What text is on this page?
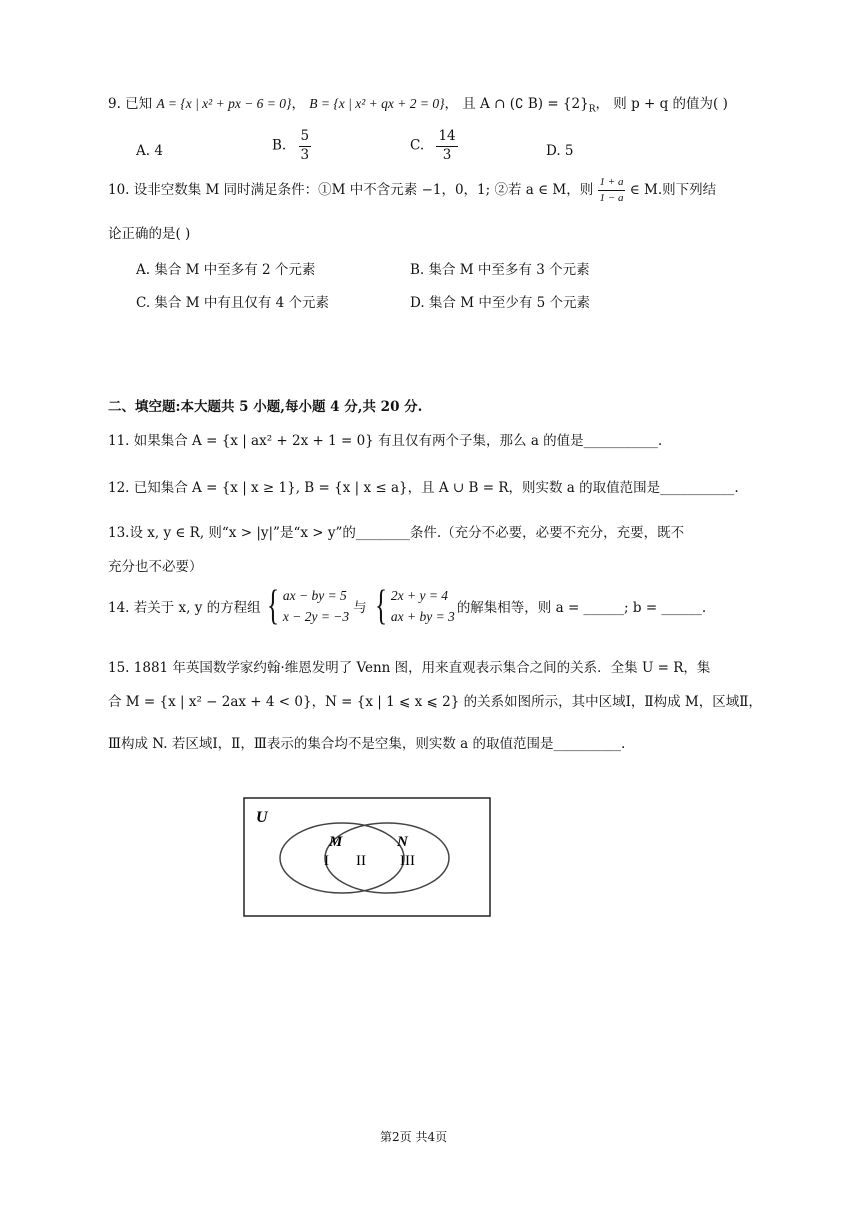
9. 已知 A = {x | x² + px − 6 = 0}， B = {x | x² + qx + 2 = 0}， 且 A ∩ (∁ $B) = \{2\}_R$， 则 p + q 的值为( )
A. 4	B. $\frac{5}{3}$	C. $\frac{14}{3}$	D. 5
10. 设非空数集 M 同时满足条件：①M 中不含元素 −1，0，1; ②若 a ∈ M，则 $\frac{1 + a}{1 - a}$ ∈ M.则下列结
论正确的是( )
A. 集合 M 中至多有 2 个元素	B. 集合 M 中至多有 3 个元素
C. 集合 M 中有且仅有 4 个元素	D. 集合 M 中至少有 5 个元素
二、填空题:本大题共 5 小题,每小题 4 分,共 20 分.
11. 如果集合 A = {x | ax² + 2x + 1 = 0} 有且仅有两个子集，那么 a 的值是___________.
12. 已知集合 A = {x | x ≥ 1}, B = {x | x ≤ a}，且 A ∪ B = R，则实数 a 的取值范围是___________.
13.设 x, y ∈ R, 则“x > |y|”是“x > y”的________条件.（充分不必要，必要不充分，充要，既不
充分也不必要）
14. 若关于 x, y 的方程组 { ax − by = 5
x − 2y = −3
与 { 2x + y = 4
ax + by = 3
的解集相等，则 a = ______; b = ______.
15. 1881 年英国数学家约翰·维恩发明了 Venn 图，用来直观表示集合之间的关系．全集 U = R，集
合 M = {x | x² − 2ax + 4 < 0}，N = {x | 1 ⩽ x ⩽ 2} 的关系如图所示，其中区域Ⅰ，Ⅱ构成 M，区域Ⅱ，
Ⅲ构成 N. 若区域Ⅰ，Ⅱ，Ⅲ表示的集合均不是空集，则实数 a 的取值范围是__________.
U
M	N
I II III
第2页 共4页
